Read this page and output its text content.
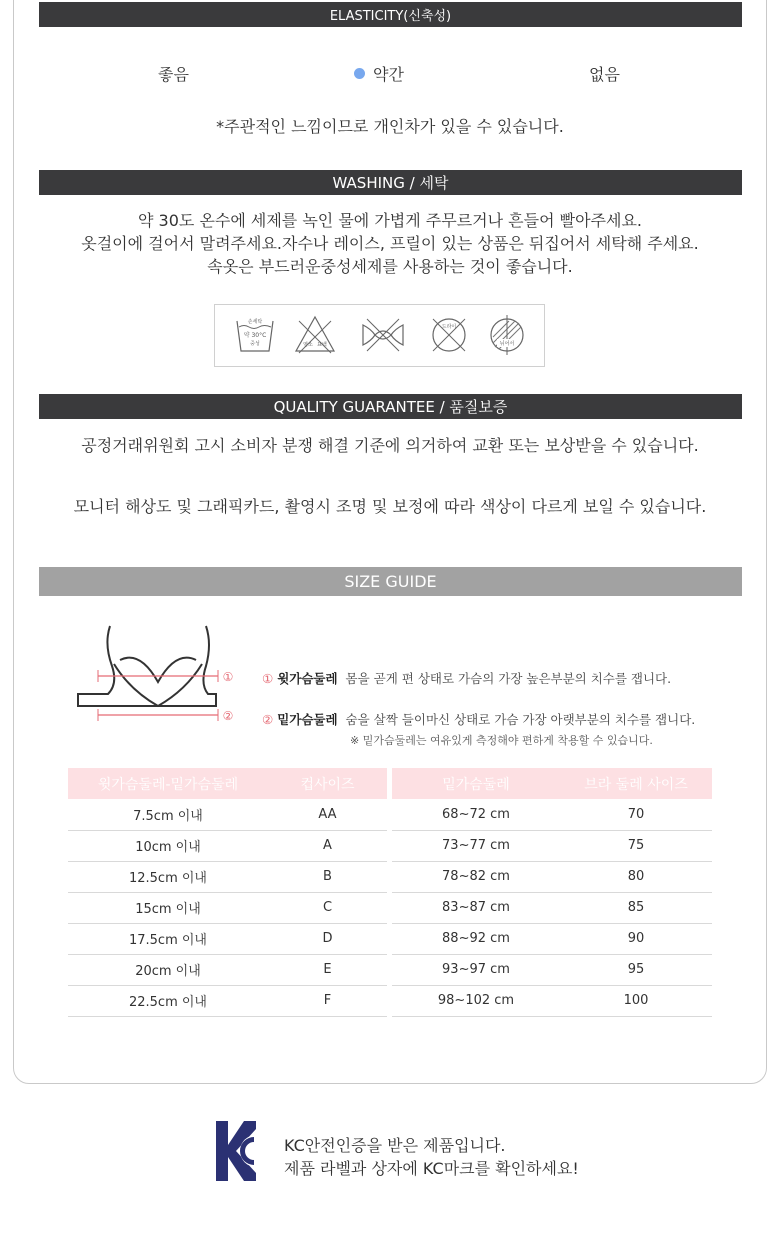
ELASTICITY(신축성)
좋음	약간	없음
*주관적인 느낌이므로 개인차가 있을 수 있습니다.
WASHING / 세탁
약 30도 온수에 세제를 녹인 물에 가볍게 주무르거나 흔들어 빨아주세요.
옷걸이에 걸어서 말려주세요.자수나 레이스, 프릴이 있는 상품은 뒤집어서 세탁해 주세요.
속옷은 부드러운중성세제를 사용하는 것이 좋습니다.
손세탁
약 30°C
중성	염소 표백
드라이
뉘어서
QUALITY GUARANTEE / 품질보증
공정거래위원회 고시 소비자 분쟁 해결 기준에 의거하여 교환 또는 보상받을 수 있습니다.
모니터 해상도 및 그래픽카드, 촬영시 조명 및 보정에 따라 색상이 다르게 보일 수 있습니다.
SIZE GUIDE
①
②
① 윗가슴둘레 몸을 곧게 편 상태로 가슴의 가장 높은부분의 치수를 잽니다.
② 밑가슴둘레 숨을 살짝 들이마신 상태로 가슴 가장 아랫부분의 치수를 잽니다.
※ 밑가슴둘레는 여유있게 측정해야 편하게 착용할 수 있습니다.
윗가슴둘레-밑가슴둘레	컵사이즈
7.5cm 이내	AA
10cm 이내	A
12.5cm 이내	B
15cm 이내	C
17.5cm 이내	D
20cm 이내	E
22.5cm 이내	F
밑가슴둘레	브라 둘레 사이즈
68~72 cm	70
73~77 cm	75
78~82 cm	80
83~87 cm	85
88~92 cm	90
93~97 cm	95
98~102 cm	100
KC안전인증을 받은 제품입니다.
제품 라벨과 상자에 KC마크를 확인하세요!
